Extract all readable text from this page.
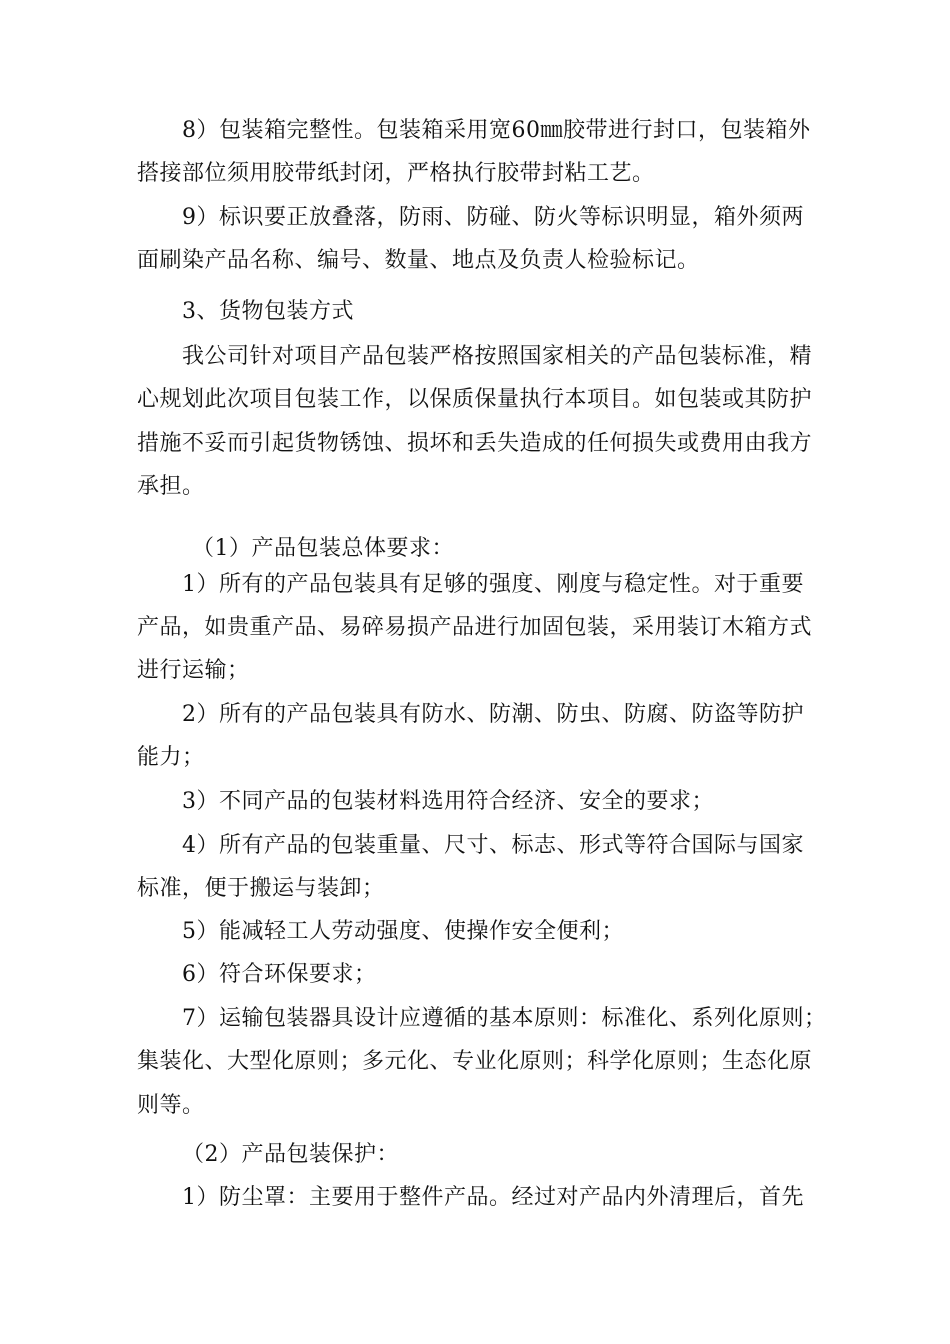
8）包装箱完整性。包装箱采用宽60㎜胶带进行封口，包装箱外
搭接部位须用胶带纸封闭，严格执行胶带封粘工艺。
9）标识要正放叠落，防雨、防碰、防火等标识明显，箱外须两
面刷染产品名称、编号、数量、地点及负责人检验标记。
3、货物包装方式
我公司针对项目产品包装严格按照国家相关的产品包装标准，精
心规划此次项目包装工作，以保质保量执行本项目。如包装或其防护
措施不妥而引起货物锈蚀、损坏和丢失造成的任何损失或费用由我方
承担。
（1）产品包装总体要求：
1）所有的产品包装具有足够的强度、刚度与稳定性。对于重要
产品，如贵重产品、易碎易损产品进行加固包装，采用装订木箱方式
进行运输；
2）所有的产品包装具有防水、防潮、防虫、防腐、防盗等防护
能力；
3）不同产品的包装材料选用符合经济、安全的要求；
4）所有产品的包装重量、尺寸、标志、形式等符合国际与国家
标准，便于搬运与装卸；
5）能减轻工人劳动强度、使操作安全便利；
6）符合环保要求；
7）运输包装器具设计应遵循的基本原则：标准化、系列化原则；
集装化、大型化原则；多元化、专业化原则；科学化原则；生态化原
则等。
（2）产品包装保护：
1）防尘罩：主要用于整件产品。经过对产品内外清理后，首先
